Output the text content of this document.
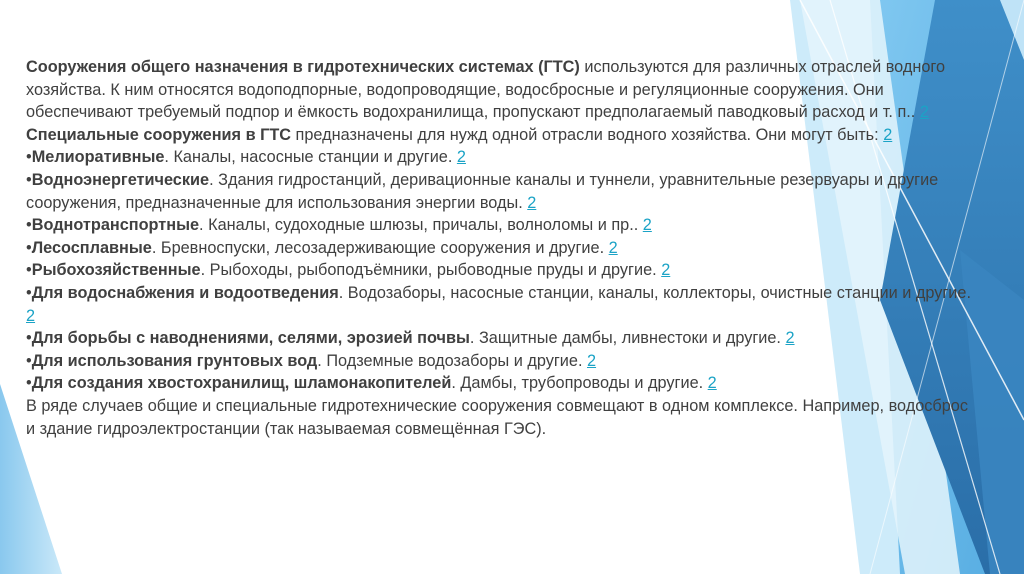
Сооружения общего назначения в гидротехнических системах (ГТС) используются для различных отраслей водного хозяйства. К ним относятся водоподпорные, водопроводящие, водосбросные и регуляционные сооружения. Они обеспечивают требуемый подпор и ёмкость водохранилища, пропускают предполагаемый паводковый расход и т. п.. 2

Специальные сооружения в ГТС предназначены для нужд одной отрасли водного хозяйства. Они могут быть: 2

•Мелиоративные. Каналы, насосные станции и другие. 2

•Водноэнергетические. Здания гидростанций, деривационные каналы и туннели, уравнительные резервуары и другие сооружения, предназначенные для использования энергии воды. 2

•Воднотранспортные. Каналы, судоходные шлюзы, причалы, волноломы и пр.. 2

•Лесосплавные. Бревноспуски, лесозадерживающие сооружения и другие. 2

•Рыбохозяйственные. Рыбоходы, рыбоподъёмники, рыбоводные пруды и другие. 2

•Для водоснабжения и водоотведения. Водозаборы, насосные станции, каналы, коллекторы, очистные станции и другие. 2

•Для борьбы с наводнениями, селями, эрозией почвы. Защитные дамбы, ливнестоки и другие. 2

•Для использования грунтовых вод. Подземные водозаборы и другие. 2

•Для создания хвостохранилищ, шламонакопителей. Дамбы, трубопроводы и другие. 2

В ряде случаев общие и специальные гидротехнические сооружения совмещают в одном комплексе. Например, водосброс и здание гидроэлектростанции (так называемая совмещённая ГЭС).
